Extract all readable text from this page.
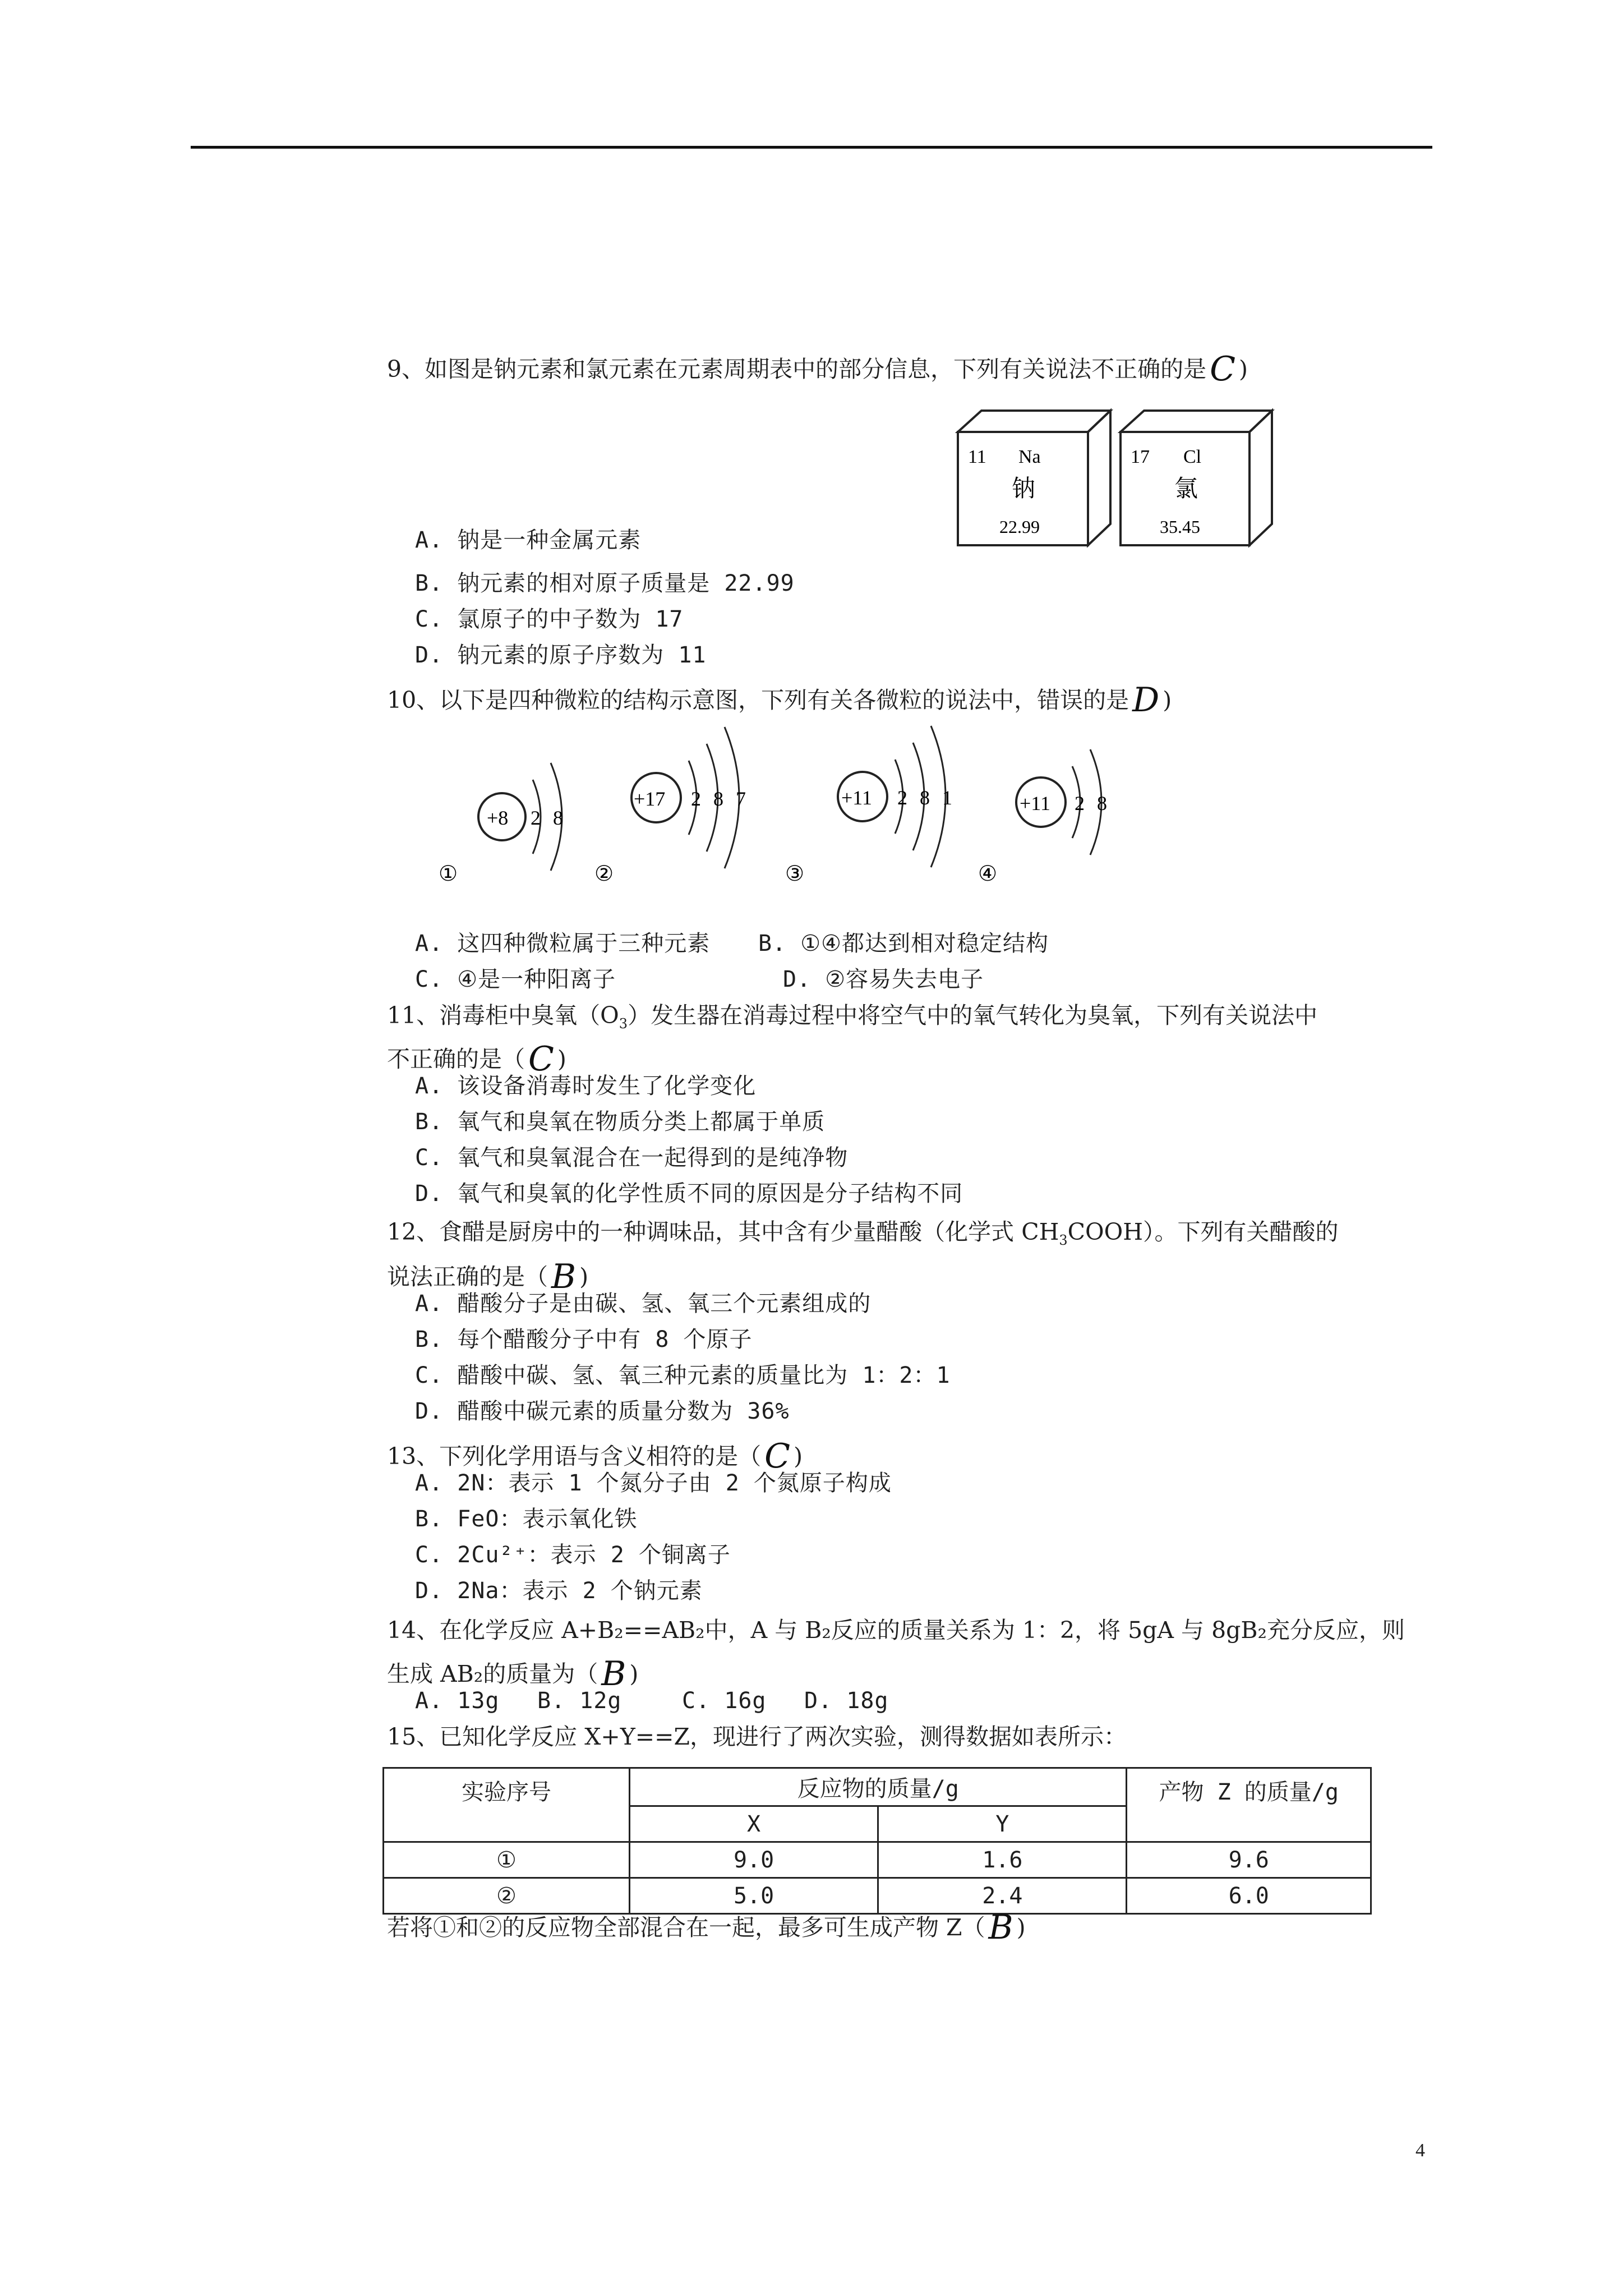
9、如图是钠元素和氯元素在元素周期表中的部分信息，下列有关说法不正确的是 C )
11 Na
钠
22.99
17 Cl
氯
35.45
A. 钠是一种金属元素
B. 钠元素的相对原子质量是 22.99
C. 氯原子的中子数为 17
D. 钠元素的原子序数为 11
10、以下是四种微粒的结构示意图，下列有关各微粒的说法中，错误的是 D )
+8 2 8
①
+17 2 8 7
②
+11 2 8 1
③
+11 2 8
④
A. 这四种微粒属于三种元素 B. ①④都达到相对稳定结构
C. ④是一种阳离子	D. ②容易失去电子
11、消毒柜中臭氧$(O_3)$发生器在消毒过程中将空气中的氧气转化为臭氧，下列有关说法中
不正确的是（ C )
A. 该设备消毒时发生了化学变化
B. 氧气和臭氧在物质分类上都属于单质
C. 氧气和臭氧混合在一起得到的是纯净物
D. 氧气和臭氧的化学性质不同的原因是分子结构不同
12、食醋是厨房中的一种调味品，其中含有少量醋酸（化学式 $CH_3COOH$）。下列有关醋酸的
说法正确的是（ B )
A. 醋酸分子是由碳、氢、氧三个元素组成的
B. 每个醋酸分子中有 8 个原子
C. 醋酸中碳、氢、氧三种元素的质量比为 1：2：1
D. 醋酸中碳元素的质量分数为 36%
13、下列化学用语与含义相符的是（ C )
A. 2N：表示 1 个氮分子由 2 个氮原子构成
B. FeO：表示氧化铁
C. 2Cu²⁺：表示 2 个铜离子
D. 2Na：表示 2 个钠元素
14、在化学反应 A+B₂==AB₂中，A 与 B₂反应的质量关系为 1：2，将 5gA 与 8gB₂充分反应，则
生成 AB₂的质量为（ B )
A. 13g B. 12g	C. 16g D. 18g
15、已知化学反应 X+Y==Z，现进行了两次实验，测得数据如表所示：
实验序号	反应物的质量/g		产物 Z 的质量/g
	X	Y	
①	9.0	1.6	9.6
②	5.0	2.4	6.0
若将①和②的反应物全部混合在一起，最多可生成产物 Z（ B )
4
